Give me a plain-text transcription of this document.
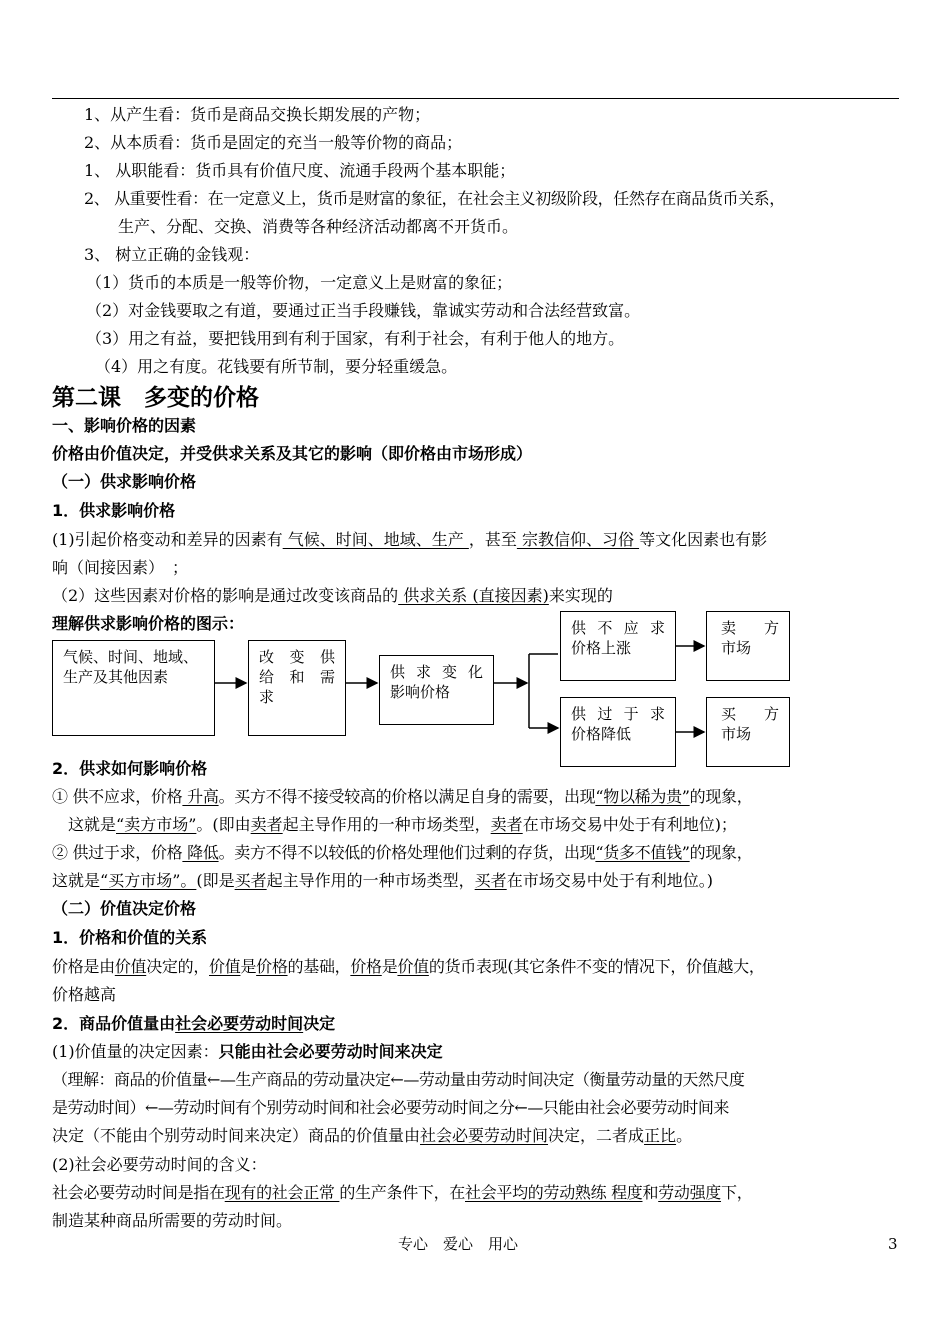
1、从产生看：货币是商品交换长期发展的产物；
2、从本质看：货币是固定的充当一般等价物的商品；
1、 从职能看：货币具有价值尺度、流通手段两个基本职能；
2、 从重要性看：在一定意义上，货币是财富的象征，在社会主义初级阶段，任然存在商品货币关系，
生产、分配、交换、消费等各种经济活动都离不开货币。
3、 树立正确的金钱观：
（1）货币的本质是一般等价物，一定意义上是财富的象征；
（2）对金钱要取之有道，要通过正当手段赚钱，靠诚实劳动和合法经营致富。
（3）用之有益，要把钱用到有利于国家，有利于社会，有利于他人的地方。
（4）用之有度。花钱要有所节制，要分轻重缓急。
第二课　多变的价格
一、影响价格的因素
价格由价值决定，并受供求关系及其它的影响（即价格由市场形成）
（一）供求影响价格
1．供求影响价格
(1)引起价格变动和差异的因素有 气候、时间、地域、生产 ，甚至 宗教信仰、习俗 等文化因素也有影
响（间接因素）　；
（2）这些因素对价格的影响是通过改变该商品的 供求关系 (直接因素)来实现的
理解供求影响价格的图示：
气候、时间、地域、
生产及其他因素
改变供
给和需
求
供求变化
影响价格
供不应求
价格上涨
卖　方
市场
供过于求
价格降低
买　方
市场
2．供求如何影响价格
① 供不应求，价格 升高。买方不得不接受较高的价格以满足自身的需要，出现“物以稀为贵”的现象，
这就是“卖方市场”。(即由卖者起主导作用的一种市场类型，卖者在市场交易中处于有利地位)；
② 供过于求，价格 降低。卖方不得不以较低的价格处理他们过剩的存货，出现“货多不值钱”的现象，
这就是“买方市场”。(即是买者起主导作用的一种市场类型，买者在市场交易中处于有利地位。)
（二）价值决定价格
1．价格和价值的关系
价格是由价值决定的，价值是价格的基础，价格是价值的货币表现(其它条件不变的情况下，价值越大，
价格越高
2．商品价值量由社会必要劳动时间决定
(1)价值量的决定因素：只能由社会必要劳动时间来决定
（理解：商品的价值量←—生产商品的劳动量决定←—劳动量由劳动时间决定（衡量劳动量的天然尺度
是劳动时间）←—劳动时间有个别劳动时间和社会必要劳动时间之分←—只能由社会必要劳动时间来
决定（不能由个别劳动时间来决定）商品的价值量由社会必要劳动时间决定，二者成正比。
(2)社会必要劳动时间的含义：
社会必要劳动时间是指在现有的社会正常 的生产条件下，在社会平均的劳动熟练 程度和劳动强度下，
制造某种商品所需要的劳动时间。
专心　爱心　用心	3
